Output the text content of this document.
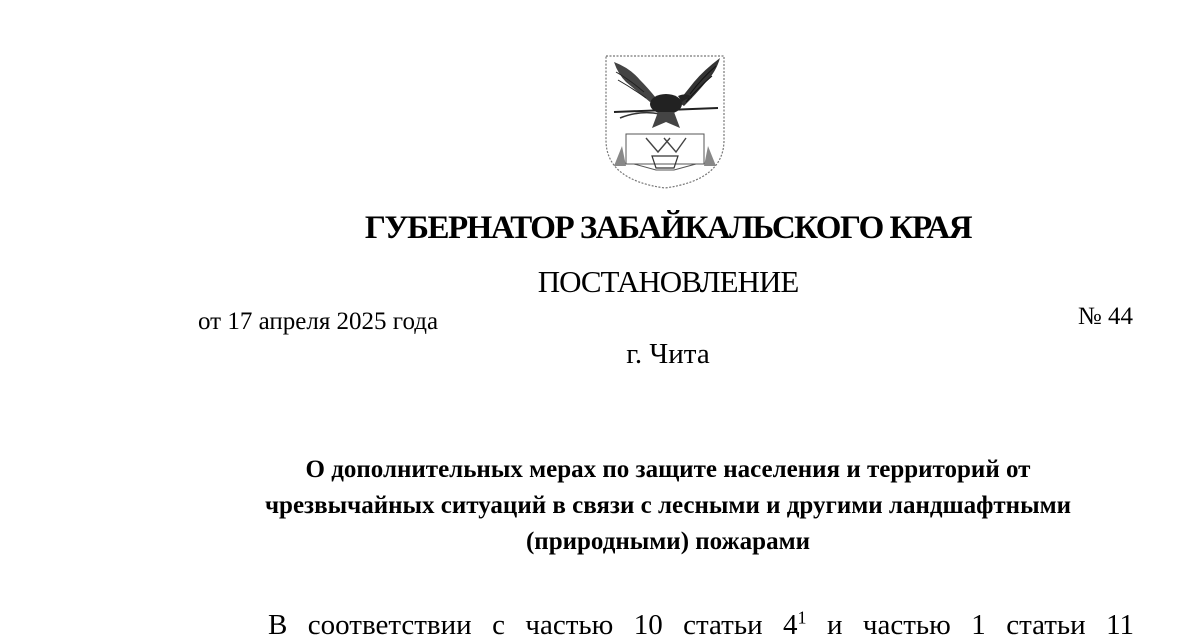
ГУБЕРНАТОР ЗАБАЙКАЛЬСКОГО КРАЯ
ПОСТАНОВЛЕНИЕ
от 17 апреля 2025 года	№ 44
г. Чита
О дополнительных мерах по защите населения и территорий от
чрезвычайных ситуаций в связи с лесными и другими ландшафтными
(природными) пожарами
В соответствии с частью 10 статьи $4^1$ и частью 1 статьи 11
